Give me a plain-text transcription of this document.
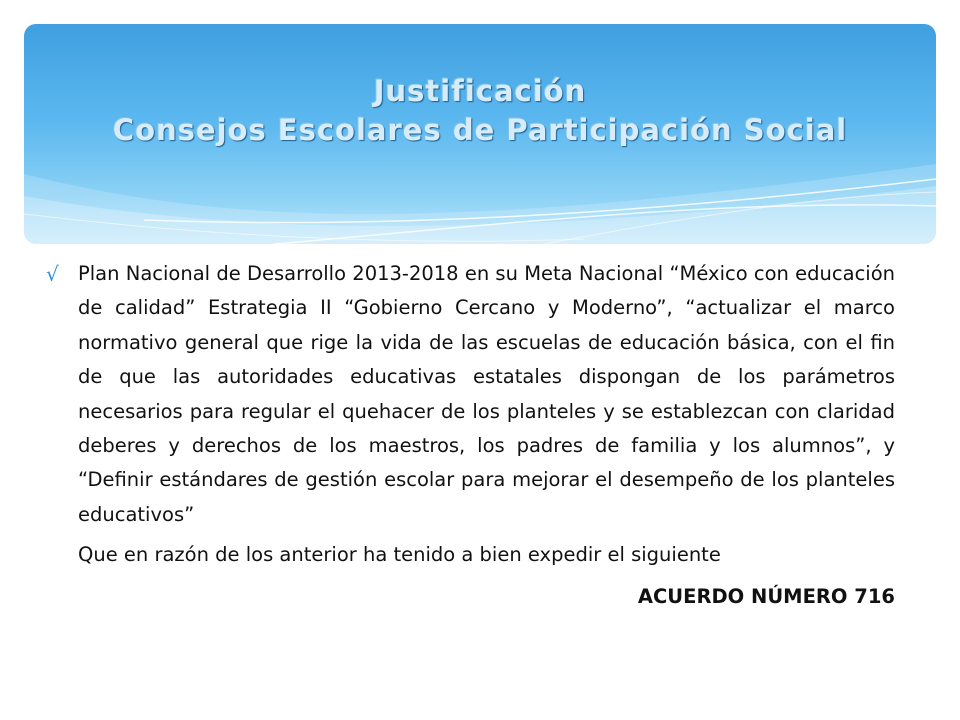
Justificación
Consejos Escolares de Participación Social

√ Plan Nacional de Desarrollo 2013-2018 en su Meta Nacional “México con educación de calidad” Estrategia II “Gobierno Cercano y Moderno”, “actualizar el marco normativo general que rige la vida de las escuelas de educación básica, con el fin de que las autoridades educativas estatales dispongan de los parámetros necesarios para regular el quehacer de los planteles y se establezcan con claridad deberes y derechos de los maestros, los padres de familia y los alumnos”, y “Definir estándares de gestión escolar para mejorar el desempeño de los planteles educativos”

Que en razón de los anterior ha tenido a bien expedir el siguiente

ACUERDO NÚMERO 716
